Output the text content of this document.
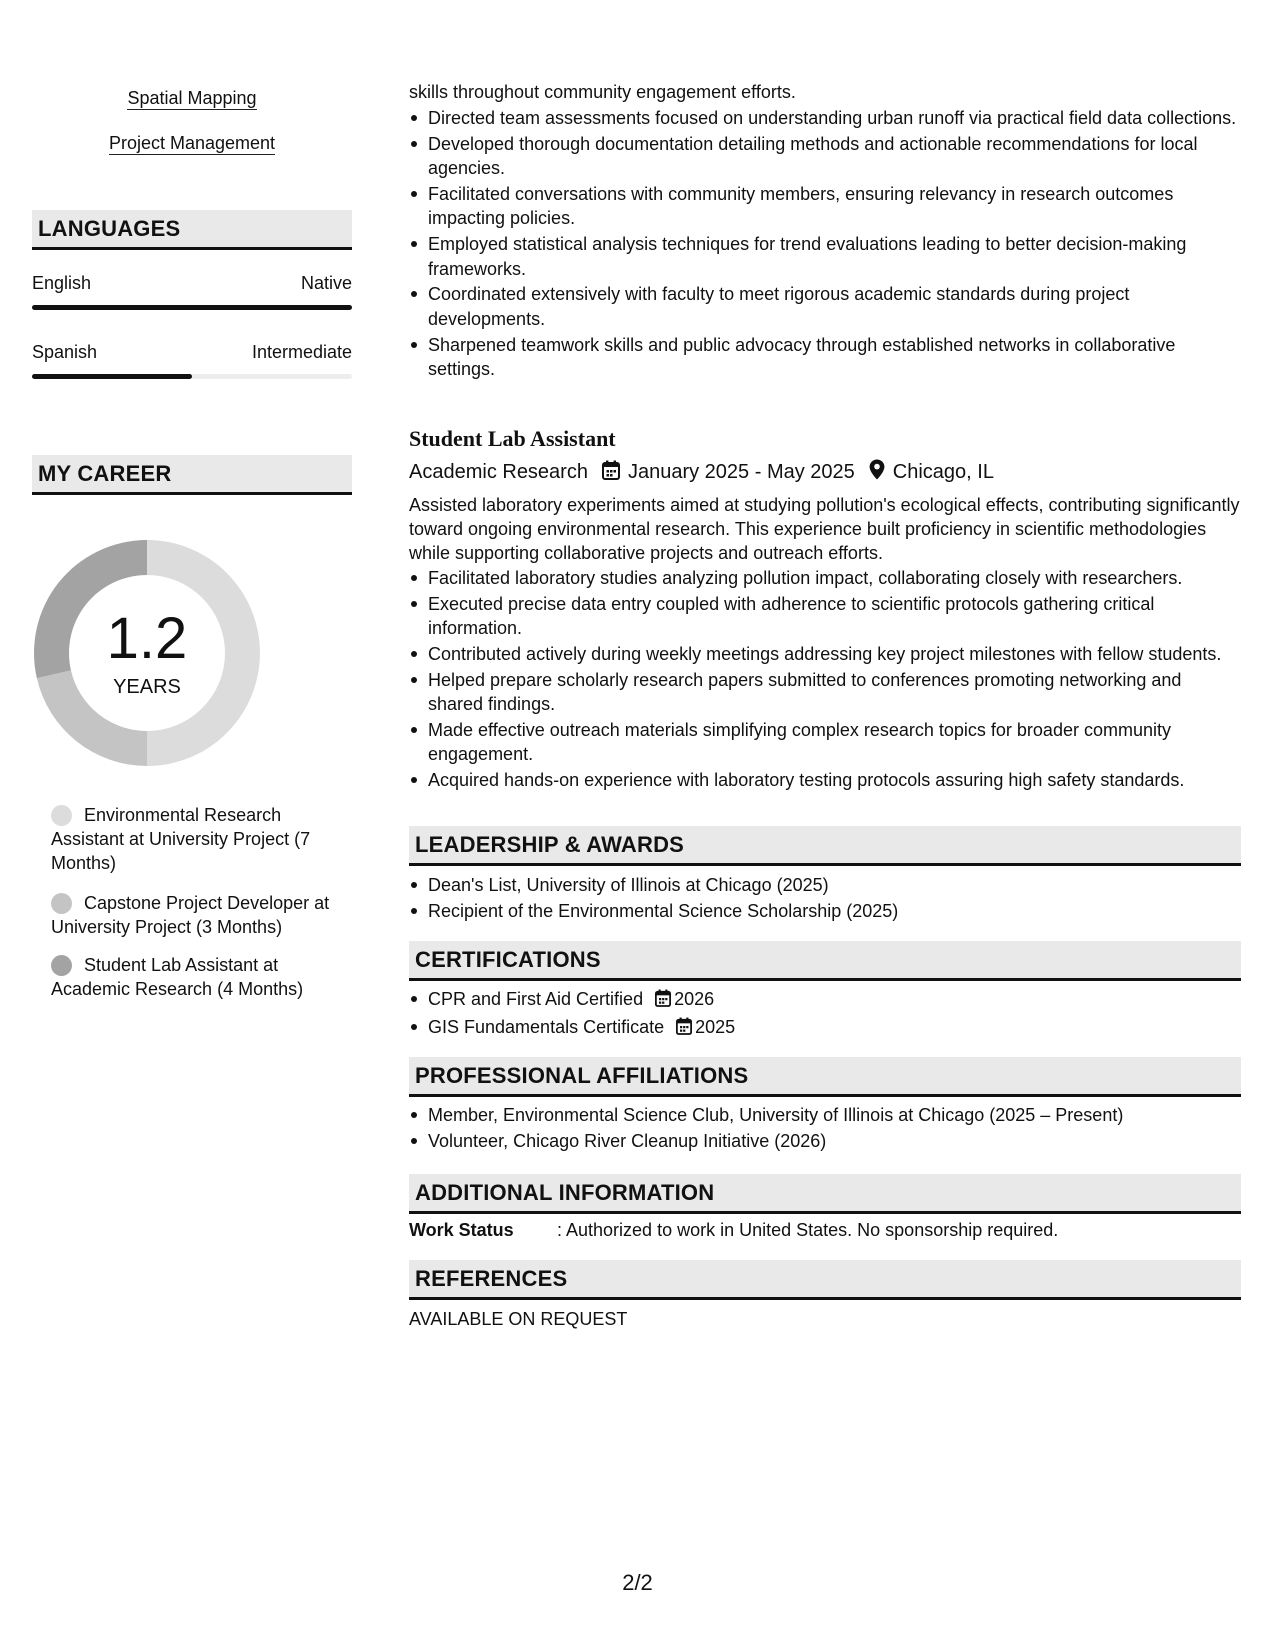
Spatial Mapping
Project Management
LANGUAGES
English	Native
Spanish	Intermediate
MY CAREER
1.2
YEARS
Environmental Research Assistant at University Project (7 Months)
Capstone Project Developer at University Project (3 Months)
Student Lab Assistant at Academic Research (4 Months)
skills throughout community engagement efforts.
Directed team assessments focused on understanding urban runoff via practical field data collections.
Developed thorough documentation detailing methods and actionable recommendations for local agencies.
Facilitated conversations with community members, ensuring relevancy in research outcomes impacting policies.
Employed statistical analysis techniques for trend evaluations leading to better decision-making frameworks.
Coordinated extensively with faculty to meet rigorous academic standards during project developments.
Sharpened teamwork skills and public advocacy through established networks in collaborative settings.
Student Lab Assistant
Academic Research January 2025 - May 2025 Chicago, IL
Assisted laboratory experiments aimed at studying pollution's ecological effects, contributing significantly toward ongoing environmental research. This experience built proficiency in scientific methodologies while supporting collaborative projects and outreach efforts.
Facilitated laboratory studies analyzing pollution impact, collaborating closely with researchers.
Executed precise data entry coupled with adherence to scientific protocols gathering critical information.
Contributed actively during weekly meetings addressing key project milestones with fellow students.
Helped prepare scholarly research papers submitted to conferences promoting networking and shared findings.
Made effective outreach materials simplifying complex research topics for broader community engagement.
Acquired hands-on experience with laboratory testing protocols assuring high safety standards.
LEADERSHIP & AWARDS
Dean's List, University of Illinois at Chicago (2025)
Recipient of the Environmental Science Scholarship (2025)
CERTIFICATIONS
CPR and First Aid Certified 2026
GIS Fundamentals Certificate 2025
PROFESSIONAL AFFILIATIONS
Member, Environmental Science Club, University of Illinois at Chicago (2025 – Present)
Volunteer, Chicago River Cleanup Initiative (2026)
ADDITIONAL INFORMATION
Work Status : Authorized to work in United States. No sponsorship required.
REFERENCES
AVAILABLE ON REQUEST
2/2
